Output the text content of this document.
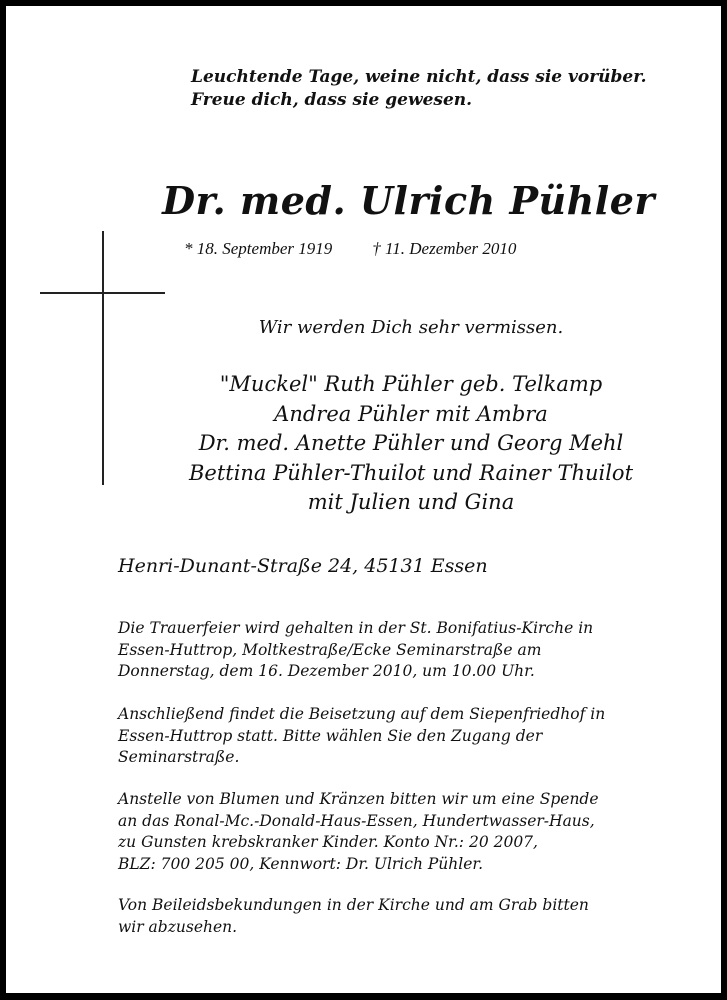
Leuchtende Tage, weine nicht, dass sie vorüber.
Freue dich, dass sie gewesen.
Dr. med. Ulrich Pühler
* 18. September 1919 † 11. Dezember 2010
Wir werden Dich sehr vermissen.
"Muckel" Ruth Pühler geb. Telkamp
Andrea Pühler mit Ambra
Dr. med. Anette Pühler und Georg Mehl
Bettina Pühler-Thuilot und Rainer Thuilot
mit Julien und Gina
Henri-Dunant-Straße 24, 45131 Essen
Die Trauerfeier wird gehalten in der St. Bonifatius-Kirche in
Essen-Huttrop, Moltkestraße/Ecke Seminarstraße am
Donnerstag, dem 16. Dezember 2010, um 10.00 Uhr.
Anschließend findet die Beisetzung auf dem Siepenfriedhof in
Essen-Huttrop statt. Bitte wählen Sie den Zugang der
Seminarstraße.
Anstelle von Blumen und Kränzen bitten wir um eine Spende
an das Ronal-Mc.-Donald-Haus-Essen, Hundertwasser-Haus,
zu Gunsten krebskranker Kinder. Konto Nr.: 20 2007,
BLZ: 700 205 00, Kennwort: Dr. Ulrich Pühler.
Von Beileidsbekundungen in der Kirche und am Grab bitten
wir abzusehen.
